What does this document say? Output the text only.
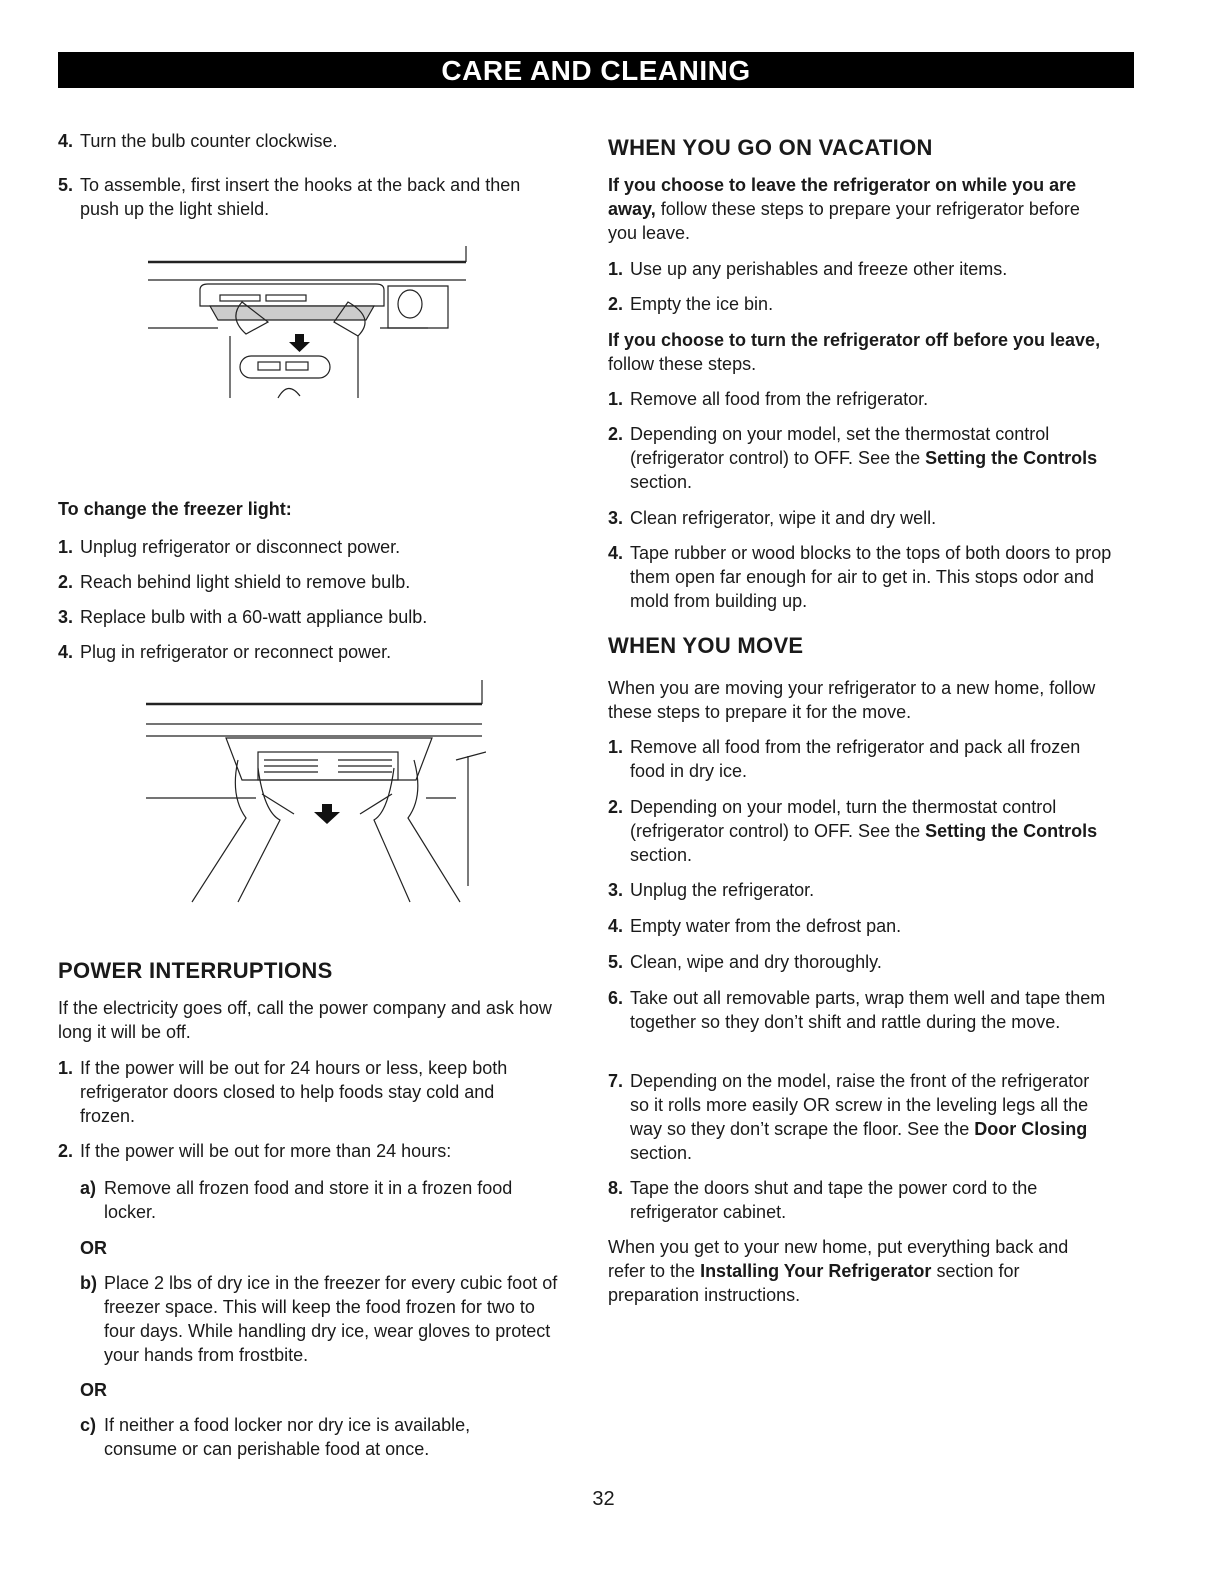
CARE AND CLEANING
4. Turn the bulb counter clockwise.
5. To assemble, first insert the hooks at the back and then push up the light shield.
To change the freezer light:
1. Unplug refrigerator or disconnect power.
2. Reach behind light shield to remove bulb.
3. Replace bulb with a 60-watt appliance bulb.
4. Plug in refrigerator or reconnect power.
POWER INTERRUPTIONS
If the electricity goes off, call the power company and ask how long it will be off.
1. If the power will be out for 24 hours or less, keep both refrigerator doors closed to help foods stay cold and frozen.
2. If the power will be out for more than 24 hours:
a) Remove all frozen food and store it in a frozen food locker.
OR
b) Place 2 lbs of dry ice in the freezer for every cubic foot of freezer space. This will keep the food frozen for two to four days. While handling dry ice, wear gloves to protect your hands from frostbite.
OR
c) If neither a food locker nor dry ice is available, consume or can perishable food at once.
WHEN YOU GO ON VACATION
If you choose to leave the refrigerator on while you are away, follow these steps to prepare your refrigerator before you leave.
1. Use up any perishables and freeze other items.
2. Empty the ice bin.
If you choose to turn the refrigerator off before you leave, follow these steps.
1. Remove all food from the refrigerator.
2. Depending on your model, set the thermostat control (refrigerator control) to OFF. See the Setting the Controls section.
3. Clean refrigerator, wipe it and dry well.
4. Tape rubber or wood blocks to the tops of both doors to prop them open far enough for air to get in. This stops odor and mold from building up.
WHEN YOU MOVE
When you are moving your refrigerator to a new home, follow these steps to prepare it for the move.
1. Remove all food from the refrigerator and pack all frozen food in dry ice.
2. Depending on your model, turn the thermostat control (refrigerator control) to OFF. See the Setting the Controls section.
3. Unplug the refrigerator.
4. Empty water from the defrost pan.
5. Clean, wipe and dry thoroughly.
6. Take out all removable parts, wrap them well and tape them together so they don’t shift and rattle during the move.
7. Depending on the model, raise the front of the refrigerator so it rolls more easily OR screw in the leveling legs all the way so they don’t scrape the floor. See the Door Closing section.
8. Tape the doors shut and tape the power cord to the refrigerator cabinet.
When you get to your new home, put everything back and refer to the Installing Your Refrigerator section for preparation instructions.
32
